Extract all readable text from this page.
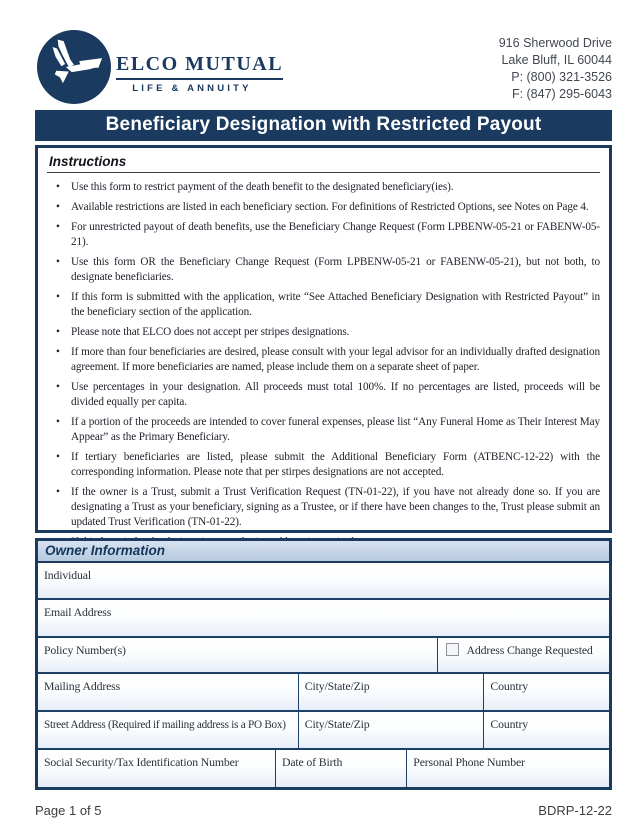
ELCO MUTUAL
LIFE & ANNUITY
916 Sherwood Drive
Lake Bluff, IL 60044
P: (800) 321-3526
F: (847) 295-6043
Beneficiary Designation with Restricted Payout
Instructions
• Use this form to restrict payment of the death benefit to the designated beneficiary(ies).
• Available restrictions are listed in each beneficiary section. For definitions of Restricted Options, see Notes on Page 4.
• For unrestricted payout of death benefits, use the Beneficiary Change Request (Form LPBENW-05-21 or FABENW-05-21).
• Use this form OR the Beneficiary Change Request (Form LPBENW-05-21 or FABENW-05-21), but not both, to designate beneficiaries.
• If this form is submitted with the application, write “See Attached Beneficiary Designation with Restricted Payout” in the beneficiary section of the application.
• Please note that ELCO does not accept per stripes designations.
• If more than four beneficiaries are desired, please consult with your legal advisor for an individually drafted designation agreement. If more beneficiaries are named, please include them on a separate sheet of paper.
• Use percentages in your designation. All proceeds must total 100%. If no percentages are listed, proceeds will be divided equally per capita.
• If a portion of the proceeds are intended to cover funeral expenses, please list “Any Funeral Home as Their Interest May Appear” as the Primary Beneficiary.
• If tertiary beneficiaries are listed, please submit the Additional Beneficiary Form (ATBENC-12-22) with the corresponding information. Please note that per stirpes designations are not accepted.
• If the owner is a Trust, submit a Trust Verification Request (TN-01-22), if you have not already done so. If you are designating a Trust as your beneficiary, signing as a Trustee, or if there have been changes to the, Trust please submit an updated Trust Verification (TN-01-22).
•
Owner Information
Individual
Email Address
Policy Number(s)	Address Change Requested
Mailing Address	City/State/Zip	Country
Street Address (Required if mailing address is a PO Box)	City/State/Zip	Country
Social Security/Tax Identification Number	Date of Birth	Personal Phone Number
Page 1 of 5	BDRP-12-22
